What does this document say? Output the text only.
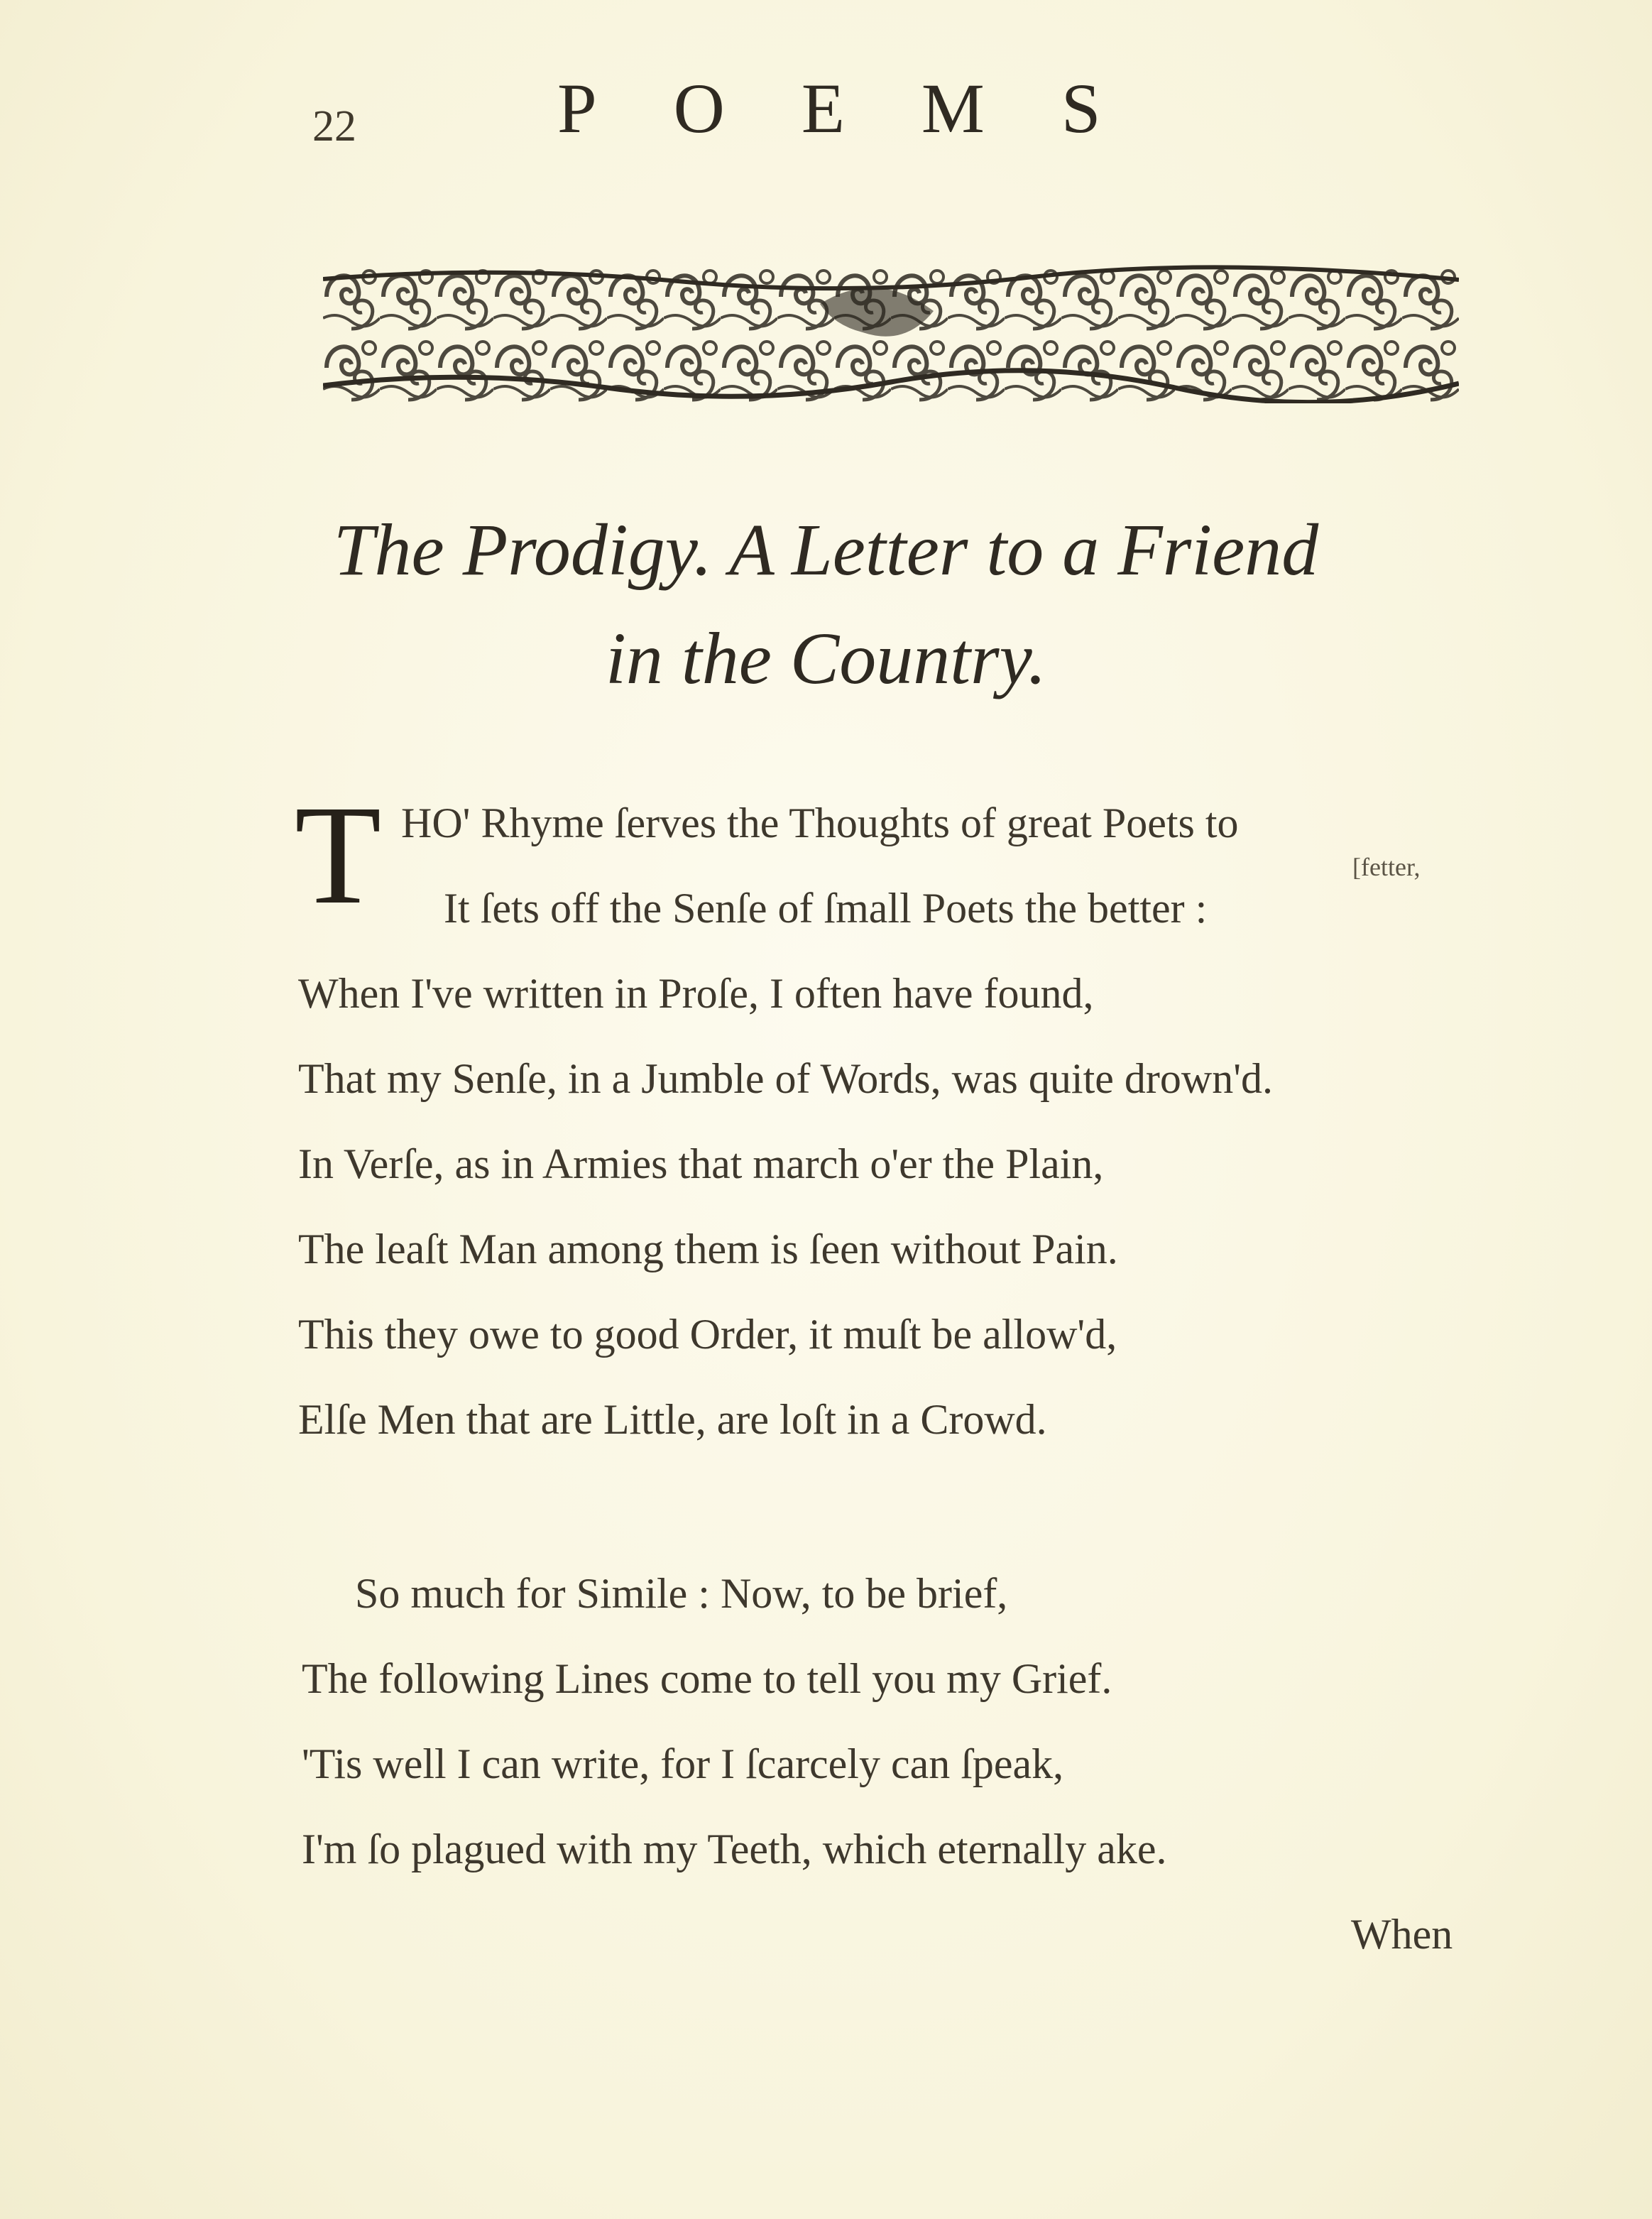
22	POEMS
The Prodigy. A Letter to a Friend
in the Country.
T HO' Rhyme ſerves the Thoughts of great Poets to
[fetter,
It ſets off the Senſe of ſmall Poets the better :
When I've written in Proſe, I often have found,
That my Senſe, in a Jumble of Words, was quite drown'd.
In Verſe, as in Armies that march o'er the Plain,
The leaſt Man among them is ſeen without Pain.
This they owe to good Order, it muſt be allow'd,
Elſe Men that are Little, are loſt in a Crowd.
So much for Simile : Now, to be brief,
The following Lines come to tell you my Grief.
'Tis well I can write, for I ſcarcely can ſpeak,
I'm ſo plagued with my Teeth, which eternally ake.
When
